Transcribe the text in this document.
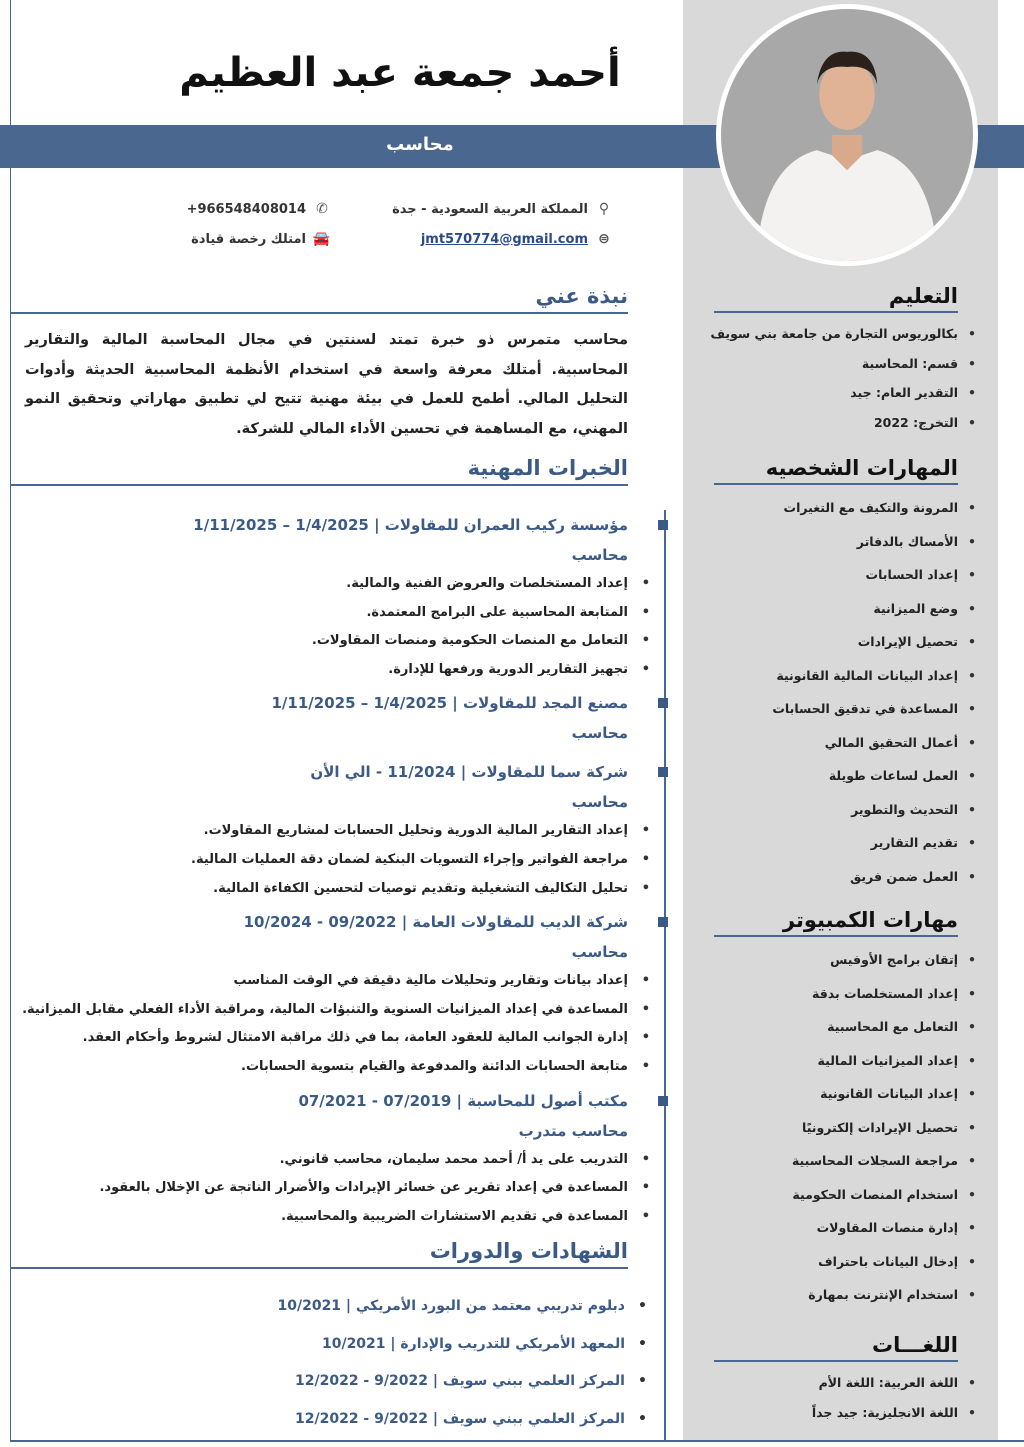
أحمد جمعة عبد العظيم
محاسب
⚲
المملكة العربية السعودية - جدة
✆
+966548408014
⊜
jmt570774@gmail.com
🚘
امتلك رخصة قيادة
نبذة عني
محاسب متمرس ذو خبرة تمتد لسنتين في مجال المحاسبة المالية والتقارير المحاسبية. أمتلك معرفة واسعة في استخدام الأنظمة المحاسبية الحديثة وأدوات التحليل المالي. أطمح للعمل في بيئة مهنية تتيح لي تطبيق مهاراتي وتحقيق النمو المهني، مع المساهمة في تحسين الأداء المالي للشركة.
الخبرات المهنية
مؤسسة ركيب العمران للمقاولات | 1/4/2025 – 1/11/2025
محاسب
• إعداد المستخلصات والعروض الفنية والمالية.
• المتابعة المحاسبية على البرامج المعتمدة.
• التعامل مع المنصات الحكومية ومنصات المقاولات.
• تجهيز التقارير الدورية ورفعها للإدارة.
مصنع المجد للمقاولات | 1/4/2025 – 1/11/2025
محاسب
شركة سما للمقاولات | 11/2024 - الي الأن
محاسب
• إعداد التقارير المالية الدورية وتحليل الحسابات لمشاريع المقاولات.
• مراجعة الفواتير وإجراء التسويات البنكية لضمان دقة العمليات المالية.
• تحليل التكاليف التشغيلية وتقديم توصيات لتحسين الكفاءة المالية.
شركة الديب للمقاولات العامة | 09/2022 - 10/2024
محاسب
• إعداد بيانات وتقارير وتحليلات مالية دقيقة في الوقت المناسب
• المساعدة في إعداد الميزانيات السنوية والتنبؤات المالية، ومراقبة الأداء الفعلي مقابل الميزانية.
• إدارة الجوانب المالية للعقود العامة، بما في ذلك مراقبة الامتثال لشروط وأحكام العقد.
• متابعة الحسابات الدائنة والمدفوعة والقيام بتسوية الحسابات.
مكتب أصول للمحاسبة | 07/2019 - 07/2021
محاسب متدرب
• التدريب على يد أ/ أحمد محمد سليمان، محاسب قانوني.
• المساعدة في إعداد تقرير عن خسائر الإيرادات والأضرار الناتجة عن الإخلال بالعقود.
• المساعدة في تقديم الاستشارات الضريبية والمحاسبية.
الشهادات والدورات
• دبلوم تدريبي معتمد من البورد الأمريكي | 10/2021
• المعهد الأمريكي للتدريب والإدارة | 10/2021
• المركز العلمي ببني سويف | 9/2022 - 12/2022
• المركز العلمي ببني سويف | 9/2022 - 12/2022
التعليم
• بكالوريوس التجارة من جامعة بني سويف
• قسم: المحاسبة
• التقدير العام: جيد
• التخرج: 2022
المهارات الشخصيه
• المرونة والتكيف مع التغيرات
• الأمساك بالدفاتر
• إعداد الحسابات
• وضع الميزانية
• تحصيل الإيرادات
• إعداد البيانات المالية القانونية
• المساعدة في تدقيق الحسابات
• أعمال التحقيق المالي
• العمل لساعات طويلة
• التحديث والتطوير
• تقديم التقارير
• العمل ضمن فريق
مهارات الكمبيوتر
• إتقان برامج الأوفيس
• إعداد المستخلصات بدقة
• التعامل مع المحاسبية
• إعداد الميزانيات المالية
• إعداد البيانات القانونية
• تحصيل الإيرادات إلكترونيًا
• مراجعة السجلات المحاسبية
• استخدام المنصات الحكومية
• إدارة منصات المقاولات
• إدخال البيانات باحتراف
• استخدام الإنترنت بمهارة
اللغـــات
• اللغة العربية: اللغة الأم
• اللغة الانجليزية: جيد جداً
